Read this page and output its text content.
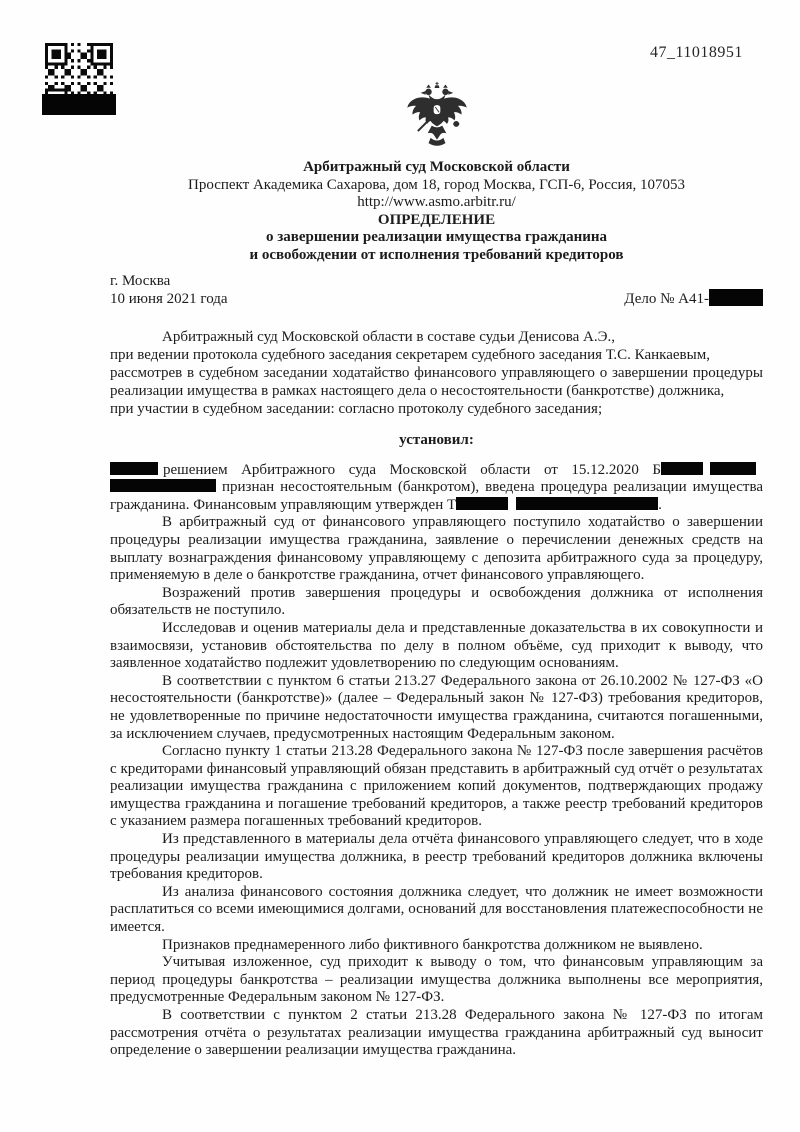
47_11018951
Арбитражный суд Московской области
Проспект Академика Сахарова, дом 18, город Москва, ГСП-6, Россия, 107053
http://www.asmo.arbitr.ru/
ОПРЕДЕЛЕНИЕ
о завершении реализации имущества гражданина
и освобождении от исполнения требований кредиторов
г. Москва
10 июня 2021 года	Дело № А41-

Арбитражный суд Московской области в составе судьи Денисова А.Э.,

при ведении протокола судебного заседания секретарем судебного заседания Т.С. Канкаевым,

рассмотрев в судебном заседании ходатайство финансового управляющего о завершении процедуры реализации имущества в рамках настоящего дела о несостоятельности (банкротстве) должника,

при участии в судебном заседании: согласно протоколу судебного заседания;

установил:

решением Арбитражного суда Московской области от 15.12.2020 Б признан несостоятельным (банкротом), введена процедура реализации имущества гражданина. Финансовым управляющим утвержден Т	.

В арбитражный суд от финансового управляющего поступило ходатайство о завершении процедуры реализации имущества гражданина, заявление о перечислении денежных средств на выплату вознаграждения финансовому управляющему с депозита арбитражного суда за процедуру, применяемую в деле о банкротстве гражданина, отчет финансового управляющего.

Возражений против завершения процедуры и освобождения должника от исполнения обязательств не поступило.

Исследовав и оценив материалы дела и представленные доказательства в их совокупности и взаимосвязи, установив обстоятельства по делу в полном объёме, суд приходит к выводу, что заявленное ходатайство подлежит удовлетворению по следующим основаниям.

В соответствии с пунктом 6 статьи 213.27 Федерального закона от 26.10.2002 № 127-ФЗ «О несостоятельности (банкротстве)» (далее – Федеральный закон № 127-ФЗ) требования кредиторов, не удовлетворенные по причине недостаточности имущества гражданина, считаются погашенными, за исключением случаев, предусмотренных настоящим Федеральным законом.

Согласно пункту 1 статьи 213.28 Федерального закона № 127-ФЗ после завершения расчётов с кредиторами финансовый управляющий обязан представить в арбитражный суд отчёт о результатах реализации имущества гражданина с приложением копий документов, подтверждающих продажу имущества гражданина и погашение требований кредиторов, а также реестр требований кредиторов с указанием размера погашенных требований кредиторов.

Из представленного в материалы дела отчёта финансового управляющего следует, что в ходе процедуры реализации имущества должника, в реестр требований кредиторов должника включены требования кредиторов.

Из анализа финансового состояния должника следует, что должник не имеет возможности расплатиться со всеми имеющимися долгами, оснований для восстановления платежеспособности не имеется.

Признаков преднамеренного либо фиктивного банкротства должником не выявлено.

Учитывая изложенное, суд приходит к выводу о том, что финансовым управляющим за период процедуры банкротства – реализации имущества должника выполнены все мероприятия, предусмотренные Федеральным законом № 127-ФЗ.

В соответствии с пунктом 2 статьи 213.28 Федерального закона № 127-ФЗ по итогам рассмотрения отчёта о результатах реализации имущества гражданина арбитражный суд выносит определение о завершении реализации имущества гражданина.
